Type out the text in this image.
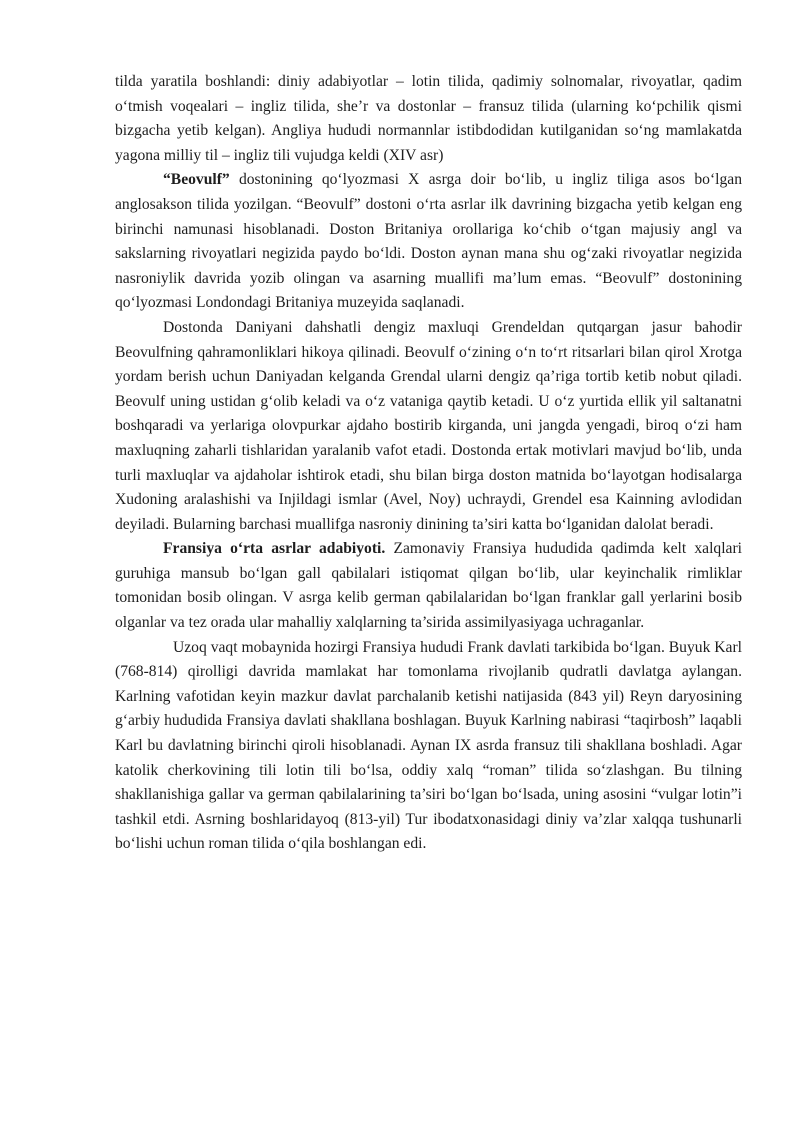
tilda yaratila boshlandi: diniy adabiyotlar – lotin tilida, qadimiy solnomalar, rivoyatlar, qadim o‘tmish voqealari – ingliz tilida, she’r va dostonlar – fransuz tilida (ularning ko‘pchilik qismi bizgacha yetib kelgan). Angliya hududi normannlar istibdodidan kutilganidan so‘ng mamlakatda yagona milliy til – ingliz tili vujudga keldi (XIV asr)

“Beovulf” dostonining qo‘lyozmasi X asrga doir bo‘lib, u ingliz tiliga asos bo‘lgan anglosakson tilida yozilgan. “Beovulf” dostoni o‘rta asrlar ilk davrining bizgacha yetib kelgan eng birinchi namunasi hisoblanadi. Doston Britaniya orollariga ko‘chib o‘tgan majusiy angl va sakslarning rivoyatlari negizida paydo bo‘ldi. Doston aynan mana shu og‘zaki rivoyatlar negizida nasroniylik davrida yozib olingan va asarning muallifi ma’lum emas. “Beovulf” dostonining qo‘lyozmasi Londondagi Britaniya muzeyida saqlanadi.

Dostonda Daniyani dahshatli dengiz maxluqi Grendeldan qutqargan jasur bahodir Beovulfning qahramonliklari hikoya qilinadi. Beovulf o‘zining o‘n to‘rt ritsarlari bilan qirol Xrotga yordam berish uchun Daniyadan kelganda Grendal ularni dengiz qa’riga tortib ketib nobut qiladi. Beovulf uning ustidan g‘olib keladi va o‘z vataniga qaytib ketadi. U o‘z yurtida ellik yil saltanatni boshqaradi va yerlariga olovpurkar ajdaho bostirib kirganda, uni jangda yengadi, biroq o‘zi ham maxluqning zaharli tishlaridan yaralanib vafot etadi. Dostonda ertak motivlari mavjud bo‘lib, unda turli maxluqlar va ajdaholar ishtirok etadi, shu bilan birga doston matnida bo‘layotgan hodisalarga Xudoning aralashishi va Injildagi ismlar (Avel, Noy) uchraydi, Grendel esa Kainning avlodidan deyiladi. Bularning barchasi muallifga nasroniy dinining ta’siri katta bo‘lganidan dalolat beradi.

Fransiya o‘rta asrlar adabiyoti. Zamonaviy Fransiya hududida qadimda kelt xalqlari guruhiga mansub bo‘lgan gall qabilalari istiqomat qilgan bo‘lib, ular keyinchalik rimliklar tomonidan bosib olingan. V asrga kelib german qabilalaridan bo‘lgan franklar gall yerlarini bosib olganlar va tez orada ular mahalliy xalqlarning ta’sirida assimilyasiyaga uchraganlar.

Uzoq vaqt mobaynida hozirgi Fransiya hududi Frank davlati tarkibida bo‘lgan. Buyuk Karl (768-814) qirolligi davrida mamlakat har tomonlama rivojlanib qudratli davlatga aylangan. Karlning vafotidan keyin mazkur davlat parchalanib ketishi natijasida (843 yil) Reyn daryosining g‘arbiy hududida Fransiya davlati shakllana boshlagan. Buyuk Karlning nabirasi “taqirbosh” laqabli Karl bu davlatning birinchi qiroli hisoblanadi. Aynan IX asrda fransuz tili shakllana boshladi. Agar katolik cherkovining tili lotin tili bo‘lsa, oddiy xalq “roman” tilida so‘zlashgan. Bu tilning shakllanishiga gallar va german qabilalarining ta’siri bo‘lgan bo‘lsada, uning asosini “vulgar lotin”i tashkil etdi. Asrning boshlaridayoq (813-yil) Tur ibodatxonasidagi diniy va’zlar xalqqa tushunarli bo‘lishi uchun roman tilida o‘qila boshlangan edi.
